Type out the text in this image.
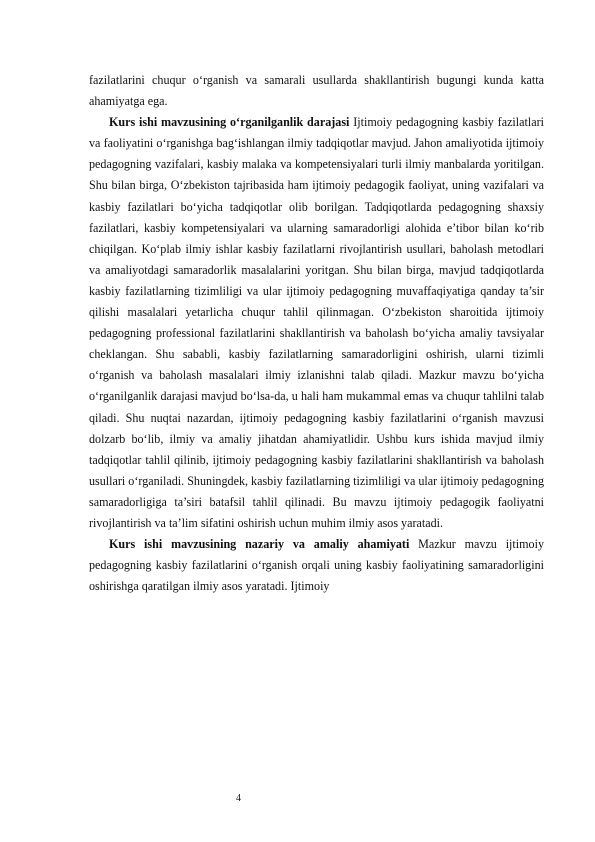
fazilatlarini chuqur o‘rganish va samarali usullarda shakllantirish bugungi kunda katta ahamiyatga ega.

Kurs ishi mavzusining o‘rganilganlik darajasi Ijtimoiy pedagogning kasbiy fazilatlari va faoliyatini o‘rganishga bag‘ishlangan ilmiy tadqiqotlar mavjud. Jahon amaliyotida ijtimoiy pedagogning vazifalari, kasbiy malaka va kompetensiyalari turli ilmiy manbalarda yoritilgan. Shu bilan birga, O‘zbekiston tajribasida ham ijtimoiy pedagogik faoliyat, uning vazifalari va kasbiy fazilatlari bo‘yicha tadqiqotlar olib borilgan. Tadqiqotlarda pedagogning shaxsiy fazilatlari, kasbiy kompetensiyalari va ularning samaradorligi alohida e’tibor bilan ko‘rib chiqilgan. Ko‘plab ilmiy ishlar kasbiy fazilatlarni rivojlantirish usullari, baholash metodlari va amaliyotdagi samaradorlik masalalarini yoritgan. Shu bilan birga, mavjud tadqiqotlarda kasbiy fazilatlarning tizimliligi va ular ijtimoiy pedagogning muvaffaqiyatiga qanday ta’sir qilishi masalalari yetarlicha chuqur tahlil qilinmagan. O‘zbekiston sharoitida ijtimoiy pedagogning professional fazilatlarini shakllantirish va baholash bo‘yicha amaliy tavsiyalar cheklangan. Shu sababli, kasbiy fazilatlarning samaradorligini oshirish, ularni tizimli o‘rganish va baholash masalalari ilmiy izlanishni talab qiladi. Mazkur mavzu bo‘yicha o‘rganilganlik darajasi mavjud bo‘lsa-da, u hali ham mukammal emas va chuqur tahlilni talab qiladi. Shu nuqtai nazardan, ijtimoiy pedagogning kasbiy fazilatlarini o‘rganish mavzusi dolzarb bo‘lib, ilmiy va amaliy jihatdan ahamiyatlidir. Ushbu kurs ishida mavjud ilmiy tadqiqotlar tahlil qilinib, ijtimoiy pedagogning kasbiy fazilatlarini shakllantirish va baholash usullari o‘rganiladi. Shuningdek, kasbiy fazilatlarning tizimliligi va ular ijtimoiy pedagogning samaradorligiga ta’siri batafsil tahlil qilinadi. Bu mavzu ijtimoiy pedagogik faoliyatni rivojlantirish va ta’lim sifatini oshirish uchun muhim ilmiy asos yaratadi.

Kurs ishi mavzusining nazariy va amaliy ahamiyati Mazkur mavzu ijtimoiy pedagogning kasbiy fazilatlarini o‘rganish orqali uning kasbiy faoliyatining samaradorligini oshirishga qaratilgan ilmiy asos yaratadi. Ijtimoiy

4
